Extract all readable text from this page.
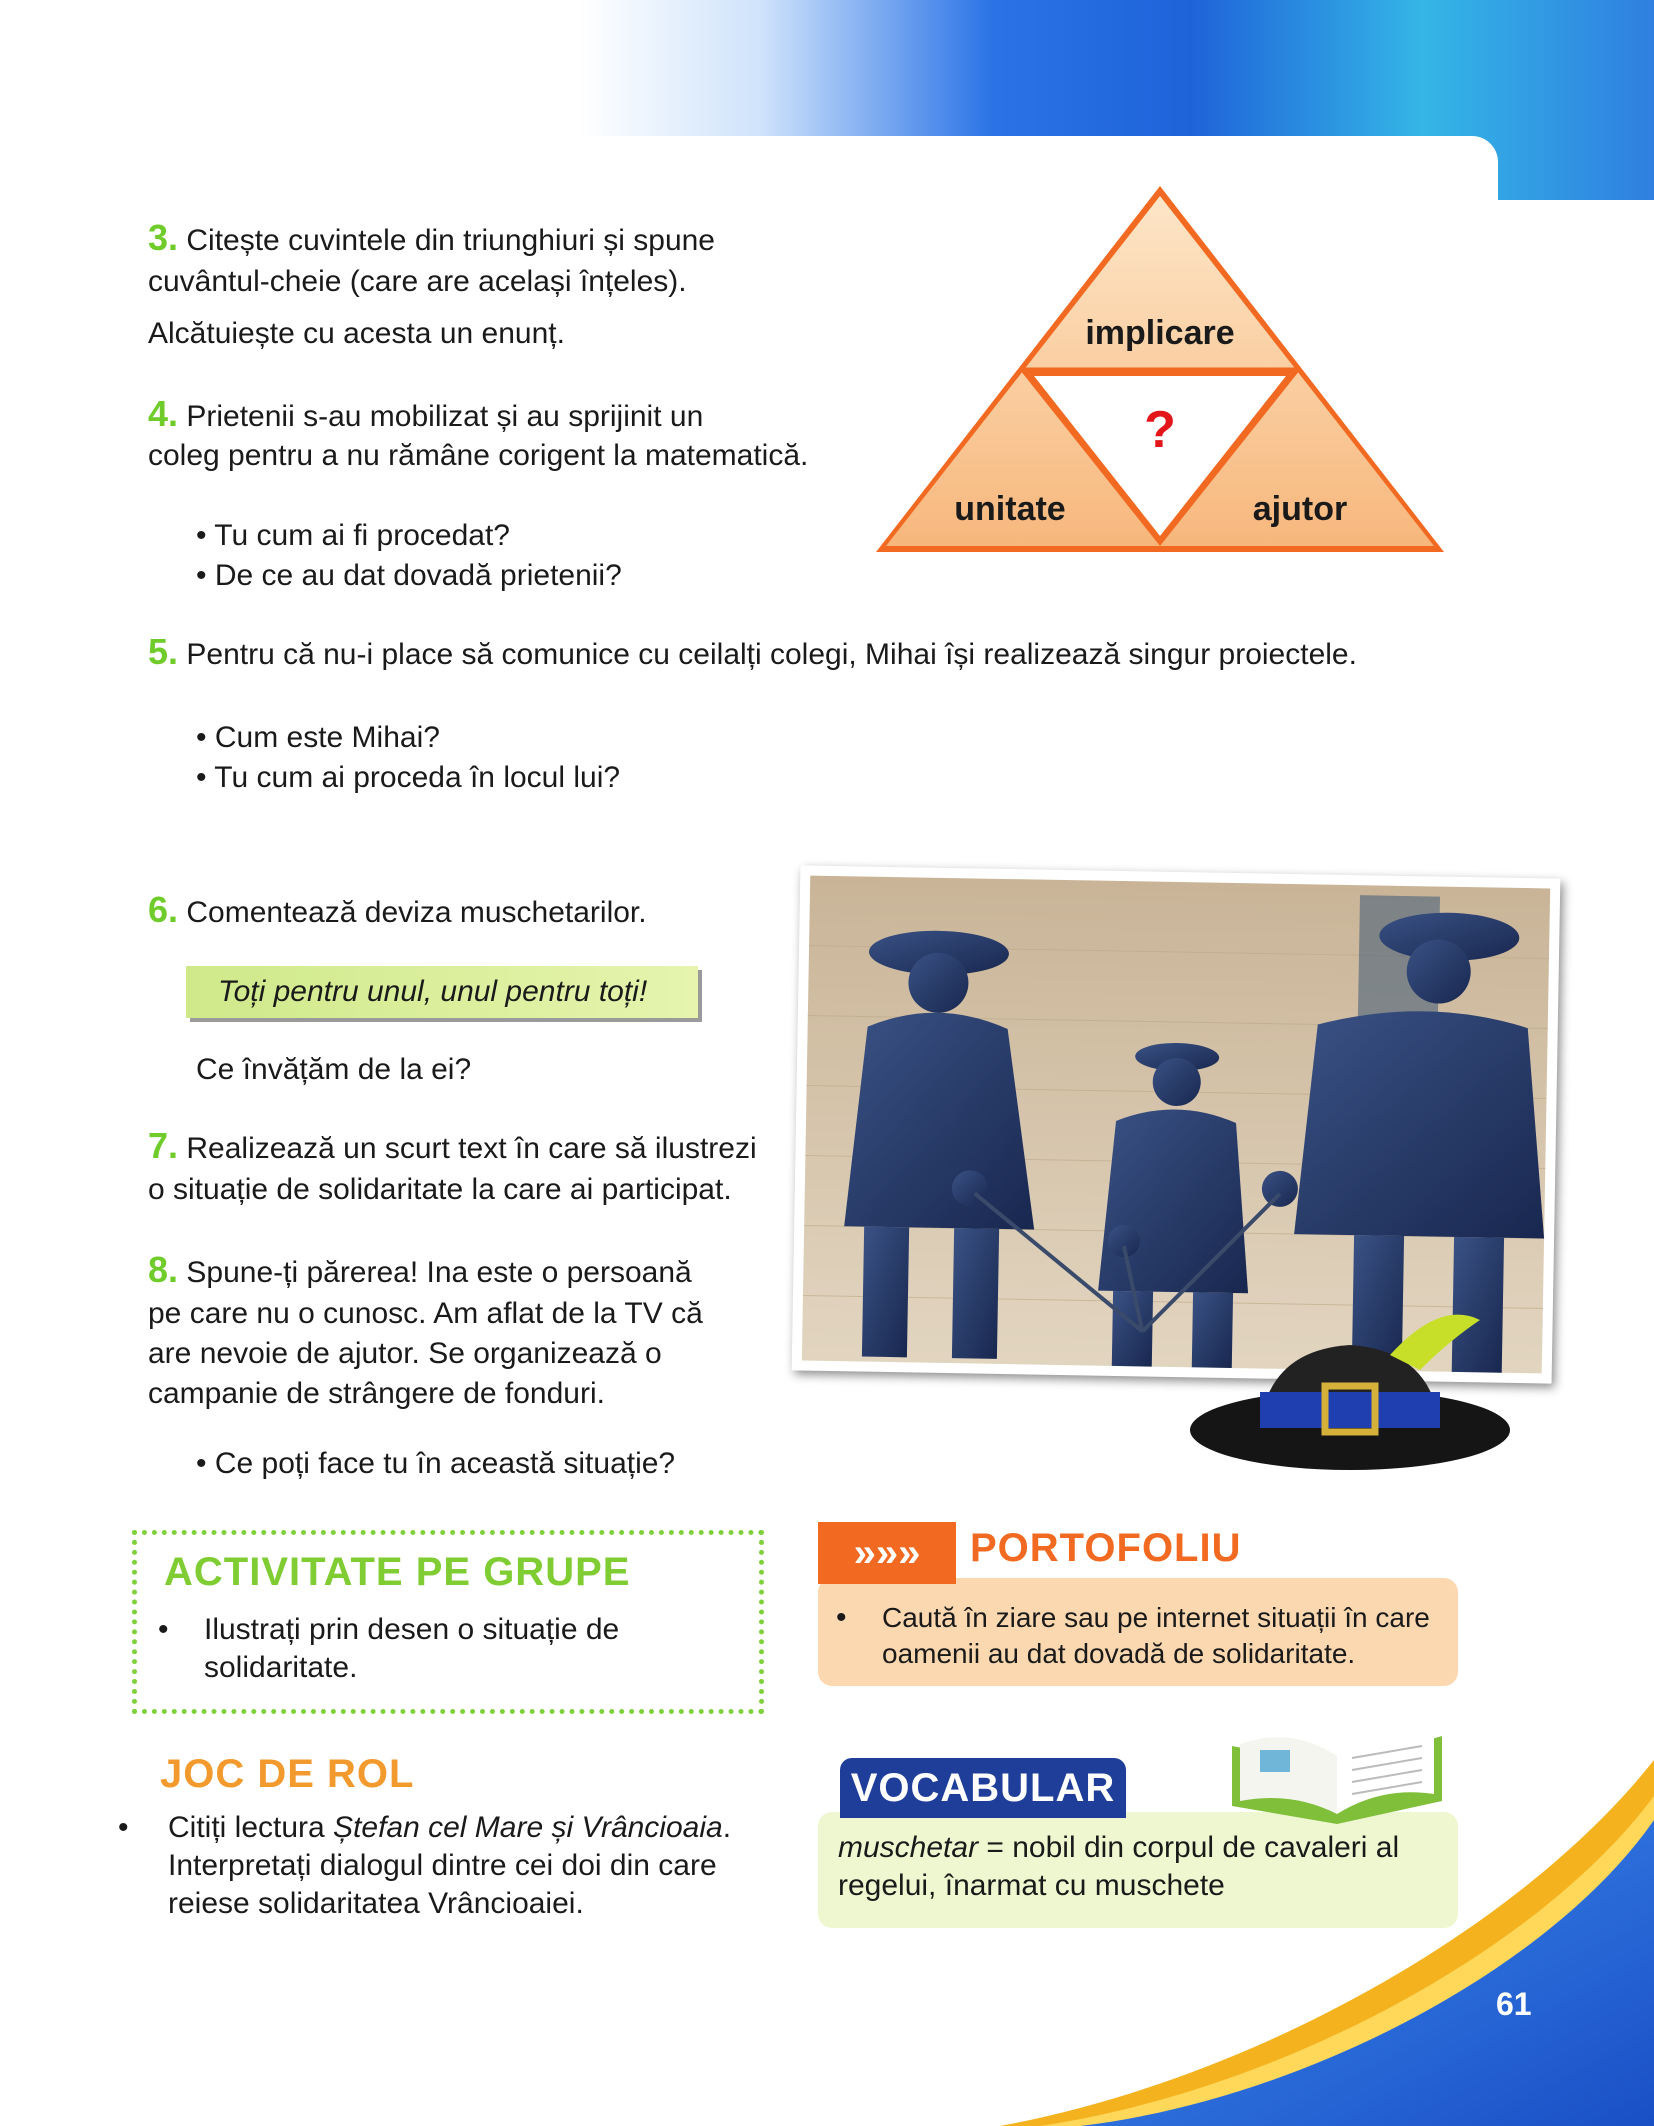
3. Citește cuvintele din triunghiuri și spune
cuvântul-cheie (care are același înțeles).
Alcătuiește cu acesta un enunț.	implicare
unitate	ajutor
?
4. Prietenii s-au mobilizat și au sprijinit un
coleg pentru a nu rămâne corigent la matematică.
• Tu cum ai fi procedat?
• De ce au dat dovadă prietenii?
5. Pentru că nu-i place să comunice cu ceilalți colegi, Mihai își realizează singur proiectele.
• Cum este Mihai?
• Tu cum ai proceda în locul lui?
6. Comentează deviza muschetarilor.
Toți pentru unul, unul pentru toți!
Ce învățăm de la ei?
7. Realizează un scurt text în care să ilustrezi
o situație de solidaritate la care ai participat.
8. Spune-ți părerea! Ina este o persoană
pe care nu o cunosc. Am aflat de la TV că
are nevoie de ajutor. Se organizează o
campanie de strângere de fonduri.
• Ce poți face tu în această situație?
ACTIVITATE PE GRUPE
• Ilustrați prin desen o situație de
solidaritate.
JOC DE ROL
• Citiți lectura Ștefan cel Mare și Vrâncioaia.
Interpretați dialogul dintre cei doi din care
reiese solidaritatea Vrâncioaiei.
»»»	PORTOFOLIU
• Caută în ziare sau pe internet situații în care
oamenii au dat dovadă de solidaritate.
VOCABULAR
muschetar = nobil din corpul de cavaleri al
regelui, înarmat cu muschete
61
